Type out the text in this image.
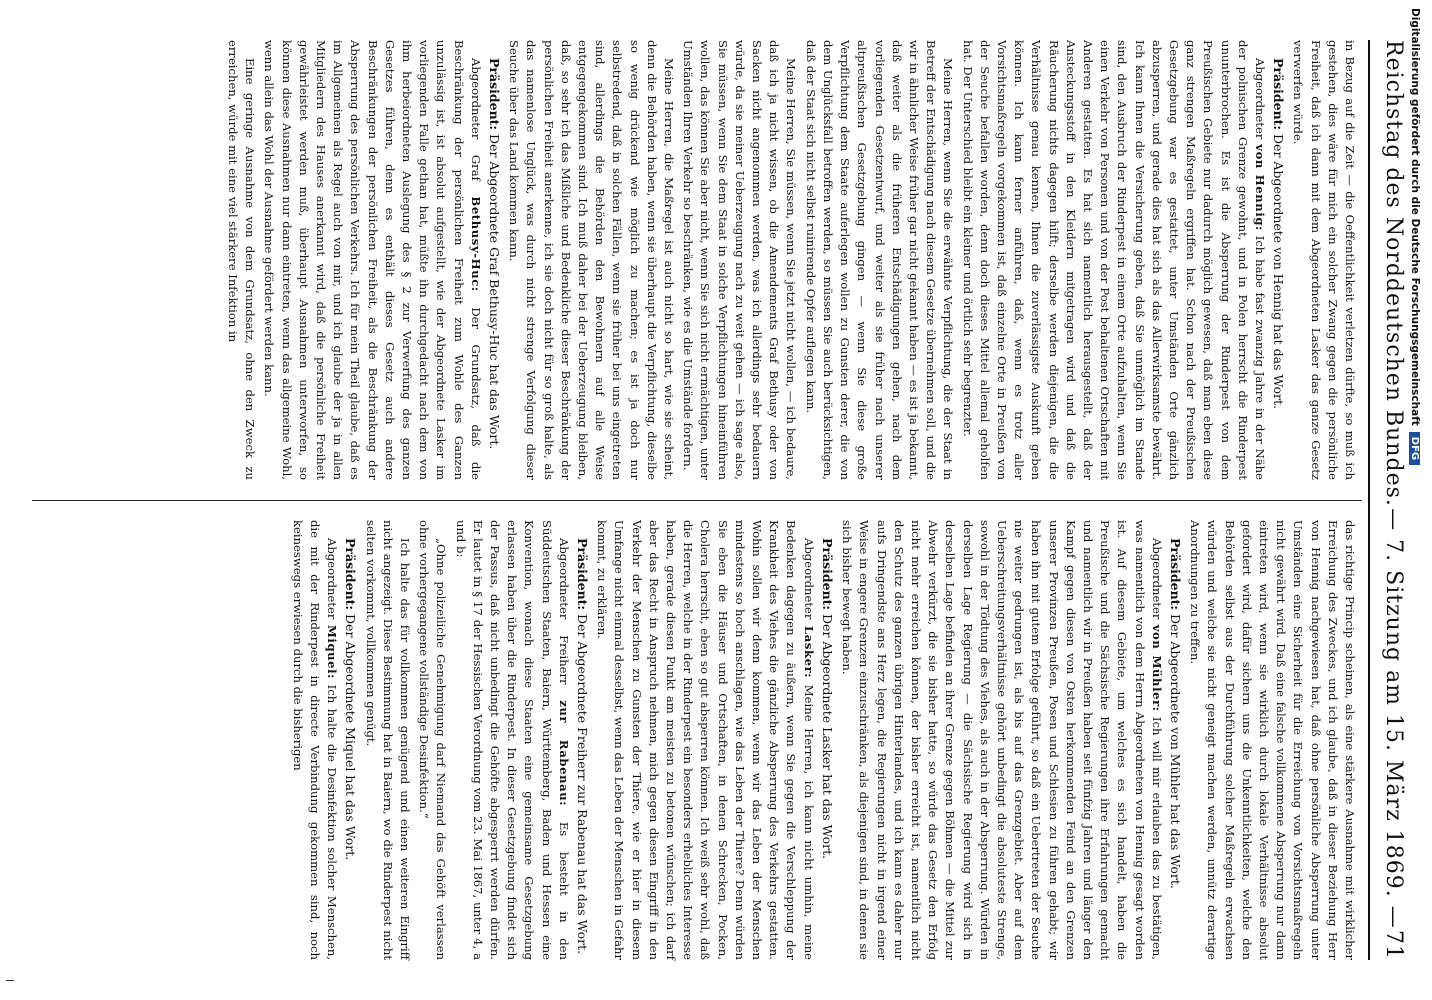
Reichstag des Norddeutschen Bundes.
— 7. Sitzung am 15. März 1869. —
71

in Bezug auf die Zeit — die Oeffentlichkeit verletzen dürfte, so muß ich gestehen, dies wäre für mich ein solcher Zwang gegen die persönliche Freiheit, daß ich dann mit dem Abgeordneten Lasker das ganze Gesetz verwerfen würde.

Präsident: Der Abgeordnete von Hennig hat das Wort.

Abgeordneter von Hennig: Ich habe fast zwanzig Jahre in der Nähe der polnischen Grenze gewohnt, und in Polen herrscht die Rinderpest ununterbrochen. Es ist die Absperrung der Rinderpest von dem Preußischen Gebiete nur dadurch möglich gewesen, daß man eben diese ganz strengen Maßregeln ergriffen hat. Schon nach der Preußischen Gesetzgebung war es gestattet, unter Umständen Orte gänzlich abzusperren, und gerade dies hat sich als das Allerwirksamste bewährt. Ich kann Ihnen die Versicherung geben, daß Sie unmöglich im Stande sind, den Ausbruch der Rinderpest in einem Orte aufzuhalten, wenn Sie einen Verkehr von Personen und von der Post behaltenen Ortschaften mit Anderen gestatten. Es hat sich namentlich herausgestellt, daß der Ansteckungsstoff in den Kleidern mitgetragen wird und daß die Räucherung nichts dagegen hilft; derselbe werden diejenigen, die die Verhältnisse genau kennen, Ihnen die zuverlässigste Auskunft geben können. Ich kann ferner anführen, daß, wenn es trotz aller Vorsichtsmaßregeln vorgekommen ist, daß einzelne Orte in Preußen von der Seuche befallen worden, denn doch dieses Mittel allemal geholfen hat. Der Unterschied bleibt ein kleiner und örtlich sehr begrenzter.

Meine Herren, wenn Sie die erwähnte Verpflichtung, die der Staat in Betreff der Entschädigung nach diesem Gesetze übernehmen soll, und die wir in ähnlicher Weise früher gar nicht gekannt haben — es ist ja bekannt, daß weiter als die früheren Entschädigungen gehen, nach dem vorliegenden Gesetzentwurf, und weiter als sie früher nach unserer altpreußischen Gesetzgebung gingen — wenn Sie diese große Verpflichtung dem Staate auferlegen wollen zu Gunsten derer, die von dem Unglücksfall betroffen werden, so müssen Sie auch berücksichtigen, daß der Staat sich nicht selbst ruinirende Opfer auflegen kann.

Meine Herren, Sie müssen, wenn Sie jetzt nicht wollen, — ich bedaure, daß ich ja nicht wissen, ob die Amendements Graf Bethusy oder von Sacken nicht angenommen werden, was ich allerdings sehr bedauern würde, da sie meiner Ueberzeugung nach zu weit gehen — ich sage also, Sie müssen, wenn Sie dem Staat in solche Verpflichtungen hineinführen wollen, das können Sie aber nicht, wenn Sie sich nicht ermächtigen, unter Umständen Ihren Verkehr so beschränken, wie es die Umstände fordern.

Meine Herren, die Maßregel ist auch nicht so hart, wie sie scheint, denn die Behörden haben, wenn sie überhaupt die Verpflichtung, dieselbe so wenig drückend wie möglich zu machen; es ist ja doch nur selbstredend, daß in solchen Fällen, wenn sie früher bei uns eingetreten sind, allerdings die Behörden den Bewohnern auf alle Weise entgegengekommen sind. Ich muß daher bei der Ueberzeugung bleiben, daß, so sehr ich das Mißliche und Bedenkliche dieser Beschränkung der persönlichen Freiheit anerkenne, ich sie doch nicht für so groß halte, als das namenlose Unglück, was durch nicht strenge Verfolgung dieser Seuche über das Land kommen kann.

Präsident: Der Abgeordnete Graf Bethusy-Huc hat das Wort.

Abgeordneter Graf Bethusy-Huc: Der Grundsatz, daß die Beschränkung der persönlichen Freiheit zum Wohle des Ganzen unzulässig ist, ist absolut aufgestellt, wie der Abgeordnete Lasker im vorliegenden Falle gethan hat, müßte ihn durchgedacht nach dem von ihm herbeiordneten Auslegung des § 2 zur Verwerfung des ganzen Gesetzes führen, denn es enthält dieses Gesetz auch andere Beschränkungen der persönlichen Freiheit, als die Beschränkung der Absperrung des persönlichen Verkehrs. Ich für mein Theil glaube, daß es im Allgemeinen als Regel auch von mir, und ich glaube der ja in allen Mitgliedern des Hauses anerkannt wird, daß die persönliche Freiheit gewährleistet werden muß, überhaupt Ausnahmen unterworfen, so können diese Ausnahmen nur dann eintreten, wenn das allgemeine Wohl, wenn allein das Wohl der Ausnahme gefördert werden kann.

Eine geringe Ausnahme von dem Grundsatz, ohne den Zweck zu erreichen, würde mit eine viel stärkere Infektion in

das richtige Princip scheinen, als eine stärkere Ausnahme mit wirklicher Erreichung des Zweckes, und ich glaube, daß in dieser Beziehung Herr von Hennig nachgewiesen hat, daß ohne persönliche Absperrung unter Umständen eine Sicherheit für die Erreichung von Vorsichtsmaßregeln nicht gewährt wird. Daß eine falsche vollkommene Absperrung nur dann eintreten wird, wenn sie wirklich durch lokale Verhältnisse absolut gefordert wird, dafür sichern uns die Unkenntlichkeiten, welche den Behörden selbst aus der Durchführung solcher Maßregeln erwachsen würden und welche sie nicht geneigt machen werden, unnütz derartige Anordnungen zu treffen.

Präsident: Der Abgeordnete von Mühler hat das Wort.

Abgeordneter von Mühler: Ich will mir erlauben das zu bestätigen, was namentlich von dem Herrn Abgeordneten von Hennig gesagt worden ist. Auf diesem Gebiete, um welches es sich handelt, haben die Preußische und die Sächsische Regierungen ihre Erfahrungen gemacht und namentlich wir in Preußen haben seit fünfzig Jahren und länger den Kampf gegen diesen von Osten herkommenden Feind an den Grenzen unserer Provinzen Preußen, Posen und Schlesien zu führen gehabt; wir haben ihn mit gutem Erfolge geführt, so daß ein Uebertreten der Seuche nie weiter gedrungen ist, als bis auf das Grenzgebiet. Aber auf dem Ueberschreitungsverhältnisse gehört unbedingt die absoluteste Strenge, sowohl in der Tödtung des Viehes, als auch in der Absperrung. Würden in derselben Lage Regierung — die Sächsische Regierung wird sich in derselben Lage befinden an ihrer Grenze gegen Böhmen — die Mittel zur Abwehr verkürzt, die sie bisher hatte, so würde das Gesetz den Erfolg nicht mehr erreichen können, der bisher erreicht ist, namentlich nicht den Schutz des ganzen übrigen Hinterlandes, und ich kann es daher nur aufs Dringendste ans Herz legen, die Regierungen nicht in irgend einer Weise in engere Grenzen einzuschränken, als diejenigen sind, in denen sie sich bisher bewegt haben.

Präsident: Der Abgeordnete Lasker hat das Wort.

Abgeordneter Lasker: Meine Herren, ich kann nicht umhin, meine Bedenken dagegen zu äußern, wenn Sie gegen die Verschleppung der Krankheit des Viehes die gänzliche Absperrung des Verkehrs gestatten. Wohin sollen wir denn kommen, wenn wir das Leben der Menschen mindestens so hoch anschlagen, wie das Leben der Thiere? Denn würden Sie eben die Häuser und Ortschaften, in denen Schrecken, Pocken, Cholera herrscht, eben so gut absperren können. Ich weiß sehr wohl, daß die Herren, welche in der Rinderpest ein besonders erhebliches Interesse haben, gerade diesen Punkt am meisten zu betonen wünschen; ich darf aber das Recht in Anspruch nehmen, mich gegen diesen Eingriff in den Verkehr der Menschen zu Gunsten der Thiere, wie er hier in diesem Umfange nicht einmal desselbst, wenn das Leben der Menschen in Gefahr kommt, zu erklären.

Präsident: Der Abgeordnete Freiherr zur Rabenau hat das Wort.

Abgeordneter Freiherr zur Rabenau: Es besteht in den Süddeutschen Staaten, Baiern, Württemberg, Baden und Hessen eine Konvention, wonach diese Staaten eine gemeinsame Gesetzgebung erlassen haben über die Rinderpest. In dieser Gesetzgebung findet sich der Passus, daß nicht unbedingt die Gehöfte abgesperrt werden dürfen. Er lautet in § 17 der Hessischen Verordnung vom 23. Mai 1867, unter 4, a und b:

„Ohne polizeiliche Genehmigung darf Niemand das Gehöft verlassen ohne vorhergegangene vollständige Desinfektion.“

Ich halte das für vollkommen genügend und einen weiteren Eingriff nicht angezeigt. Diese Bestimmung hat in Baiern, wo die Rinderpest nicht selten vorkommt, vollkommen genügt.

Präsident: Der Abgeordnete Miquel hat das Wort.

Abgeordneter Miquel: Ich halte die Desinfektion solcher Menschen, die mit der Rinderpest in directe Verbindung gekommen sind, noch keineswegs erwiesen durch die bisherigen

Digitalisierung gefördert durch die Deutsche Forschungsgemeinschaft
DFG
